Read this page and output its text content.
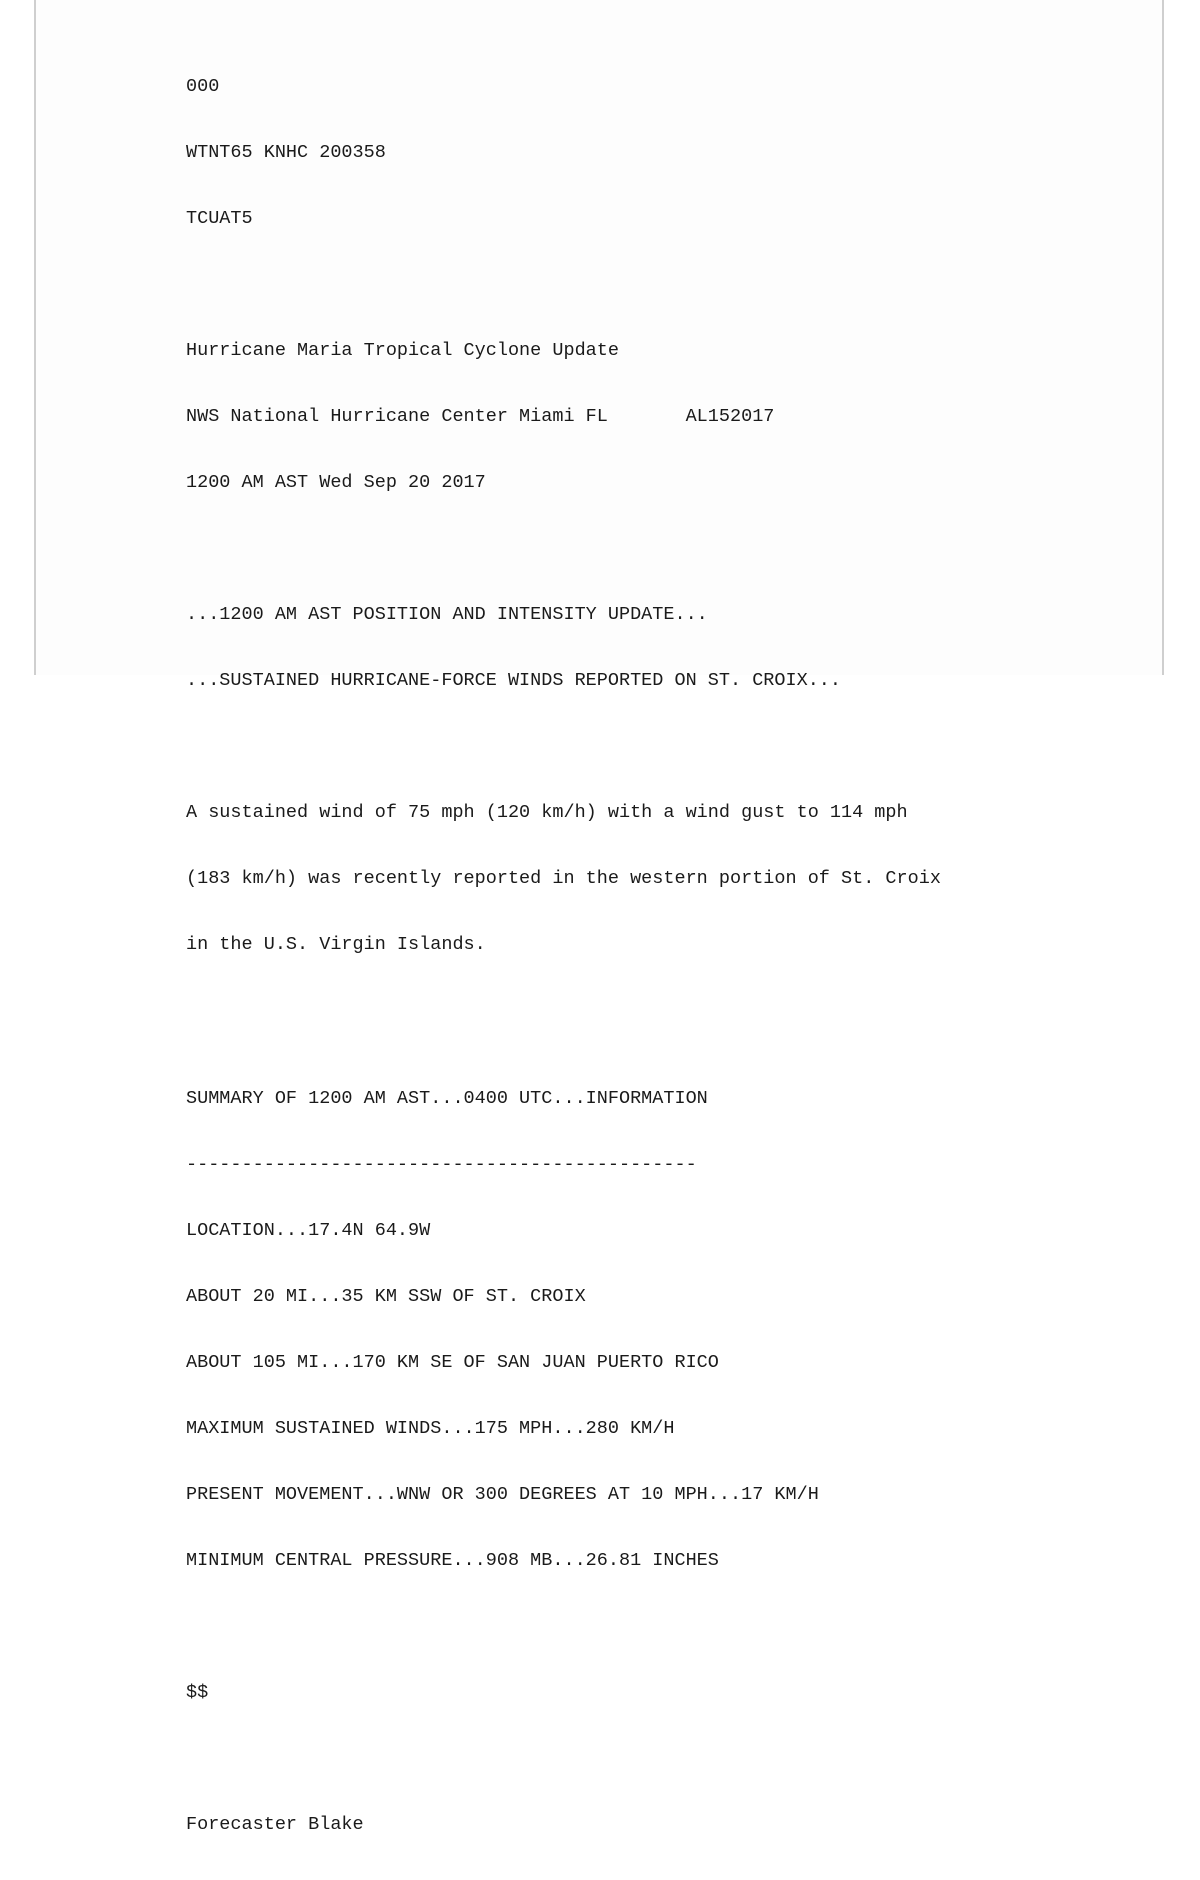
000

WTNT65 KNHC 200358

TCUAT5

Hurricane Maria Tropical Cyclone Update

NWS National Hurricane Center Miami FL       AL152017

1200 AM AST Wed Sep 20 2017

...1200 AM AST POSITION AND INTENSITY UPDATE...

...SUSTAINED HURRICANE-FORCE WINDS REPORTED ON ST. CROIX...

A sustained wind of 75 mph (120 km/h) with a wind gust to 114 mph

(183 km/h) was recently reported in the western portion of St. Croix

in the U.S. Virgin Islands.

SUMMARY OF 1200 AM AST...0400 UTC...INFORMATION

----------------------------------------------

LOCATION...17.4N 64.9W

ABOUT 20 MI...35 KM SSW OF ST. CROIX

ABOUT 105 MI...170 KM SE OF SAN JUAN PUERTO RICO

MAXIMUM SUSTAINED WINDS...175 MPH...280 KM/H

PRESENT MOVEMENT...WNW OR 300 DEGREES AT 10 MPH...17 KM/H

MINIMUM CENTRAL PRESSURE...908 MB...26.81 INCHES

$$

Forecaster Blake
